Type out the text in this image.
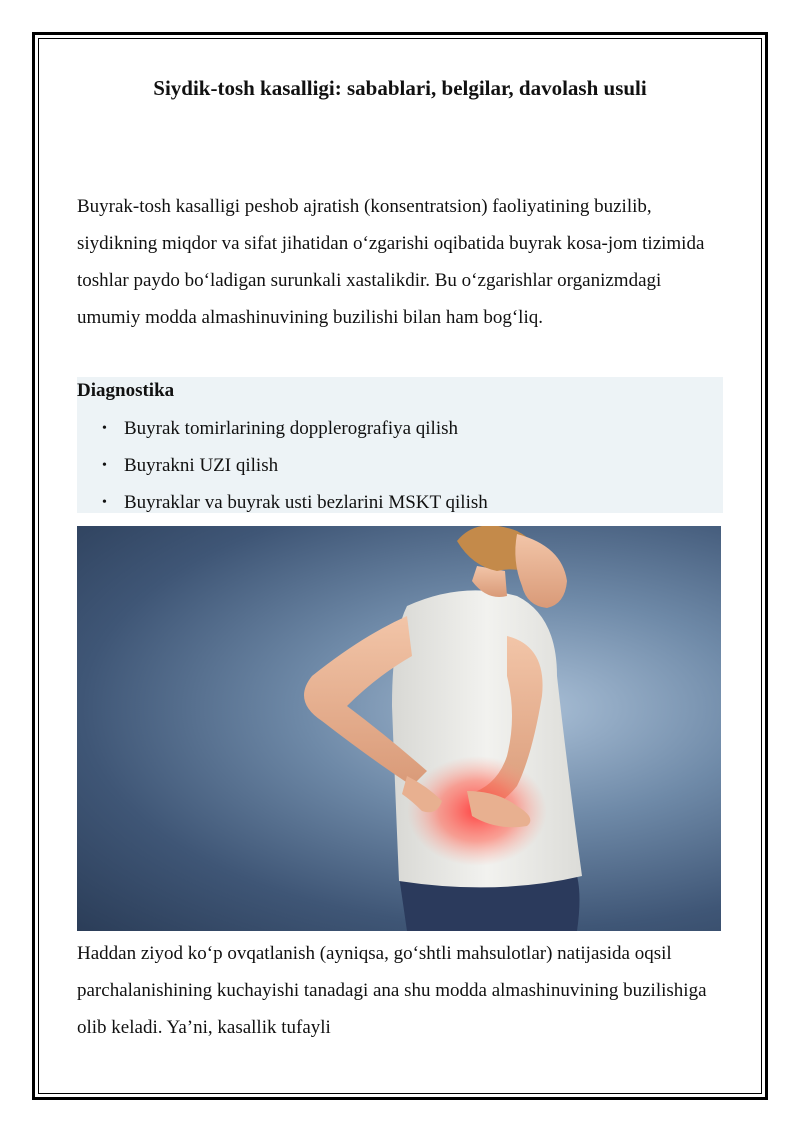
Siydik-tosh kasalligi: sabablari, belgilar, davolash usuli

Buyrak-tosh kasalligi peshob ajratish (konsentratsion) faoliyatining buzilib, siydikning miqdor va sifat jihatidan o‘zgarishi oqibatida buyrak kosa-jom tizimida toshlar paydo bo‘ladigan surunkali xastalikdir. Bu o‘zgarishlar organizmdagi umumiy modda almashinuvining buzilishi bilan ham bog‘liq.

Diagnostika
• Buyrak tomirlarining dopplerografiya qilish
• Buyrakni UZI qilish
• Buyraklar va buyrak usti bezlarini MSKT qilish

Haddan ziyod ko‘p ovqatlanish (ayniqsa, go‘shtli mahsulotlar) natijasida oqsil parchalanishining kuchayishi tanadagi ana shu modda almashinuvining buzilishiga olib keladi. Ya’ni, kasallik tufayli
